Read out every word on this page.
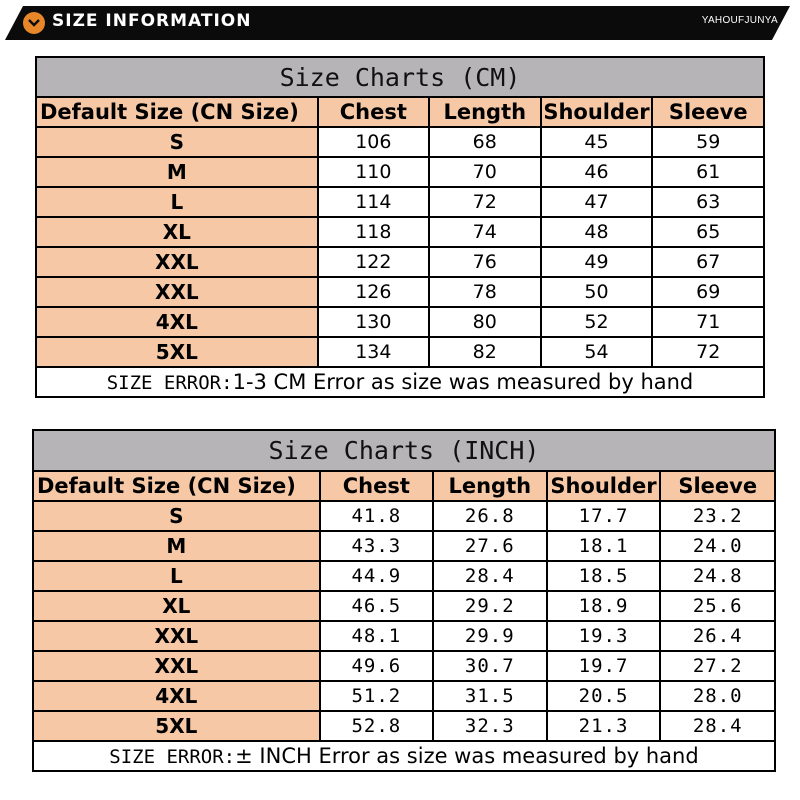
SIZE INFORMATION	YAHOUFJUNYA
Size Charts (CM)				
Default Size (CN Size)	Chest	Length	Shoulder	Sleeve
S	106	68	45	59
M	110	70	46	61
L	114	72	47	63
XL	118	74	48	65
XXL	122	76	49	67
XXL	126	78	50	69
4XL	130	80	52	71
5XL	134	82	54	72
SIZE ERROR:1-3 CM Error as size was measured by hand				
Size Charts (INCH)				
Default Size (CN Size)	Chest	Length	Shoulder	Sleeve
S	41.8	26.8	17.7	23.2
M	43.3	27.6	18.1	24.0
L	44.9	28.4	18.5	24.8
XL	46.5	29.2	18.9	25.6
XXL	48.1	29.9	19.3	26.4
XXL	49.6	30.7	19.7	27.2
4XL	51.2	31.5	20.5	28.0
5XL	52.8	32.3	21.3	28.4
SIZE ERROR:± INCH Error as size was measured by hand				
